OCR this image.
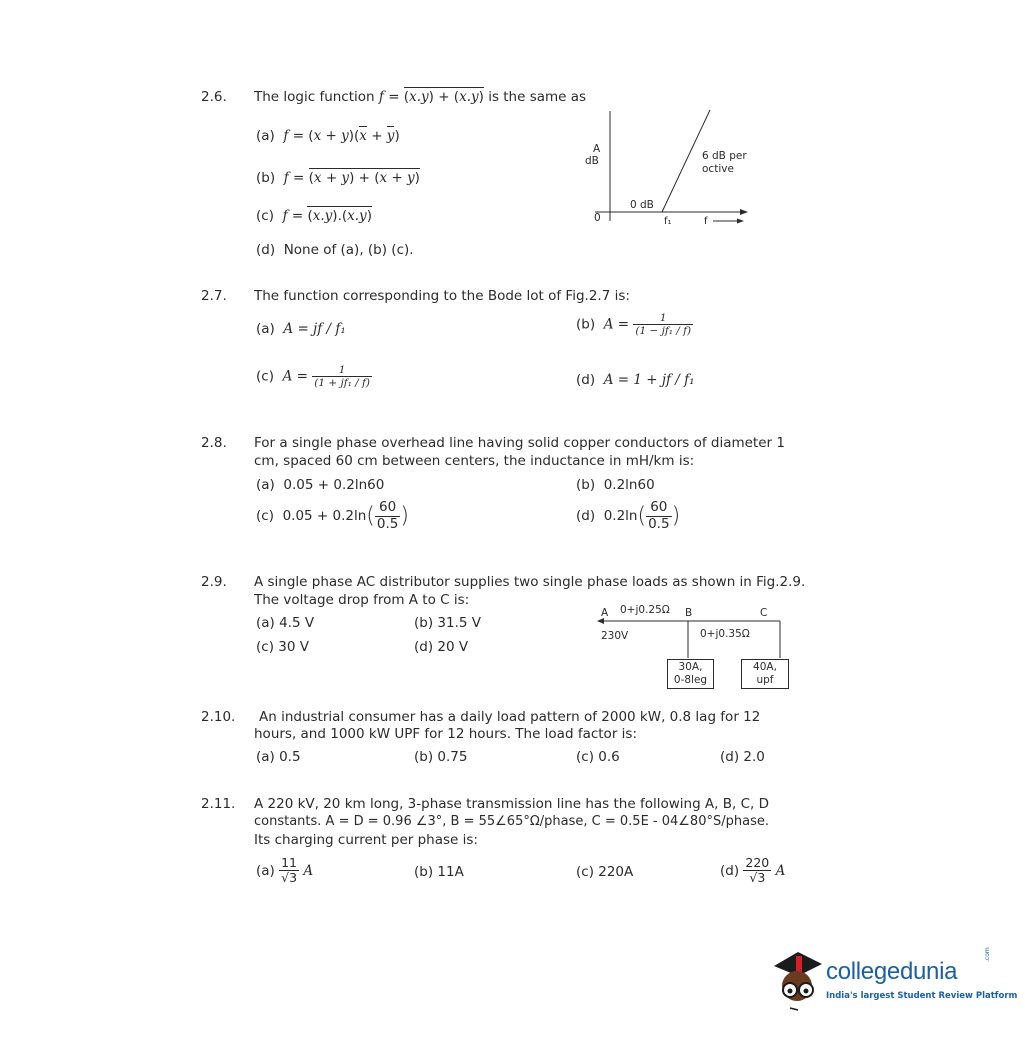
2.6. The logic function f = (x.y) + (x.y) is the same as
(a) f = (x + y)(x + y)
(b) f = (x + y) + (x + y)
(c) f = (x.y).(x.y)
(d) None of (a), (b) (c).
A
dB	6 dB per
octive
0 dB
0	f₁	f
2.7. The function corresponding to the Bode lot of Fig.2.7 is:
(a) A = jf / f₁	(b) $A = \frac{1}{\text{(1 − jf₁ / f)}}$
(c) $A = \frac{1}{\text{(1 + jf₁ / f)}}$	(d) A = 1 + jf / f₁
2.8. For a single phase overhead line having solid copper conductors of diameter 1
cm, spaced 60 cm between centers, the inductance in mH/km is:
(a) 0.05 + 0.2ln60	(b) 0.2ln60
(c) $0.05 + 0.2\ln( \frac{60}{0.5}$ )	(d) $0.2\ln( \frac{60}{0.5}$ )
2.9. A single phase AC distributor supplies two single phase loads as shown in Fig.2.9.
The voltage drop from A to C is:
(a) 4.5 V	(b) 31.5 V
(c) 30 V	(d) 20 V
A 0+j0.25Ω B	C
230V	0+j0.35Ω
30A,
0-8leg
40A,
upf
2.10. An industrial consumer has a daily load pattern of 2000 kW, 0.8 lag for 12
hours, and 1000 kW UPF for 12 hours. The load factor is:
(a) 0.5	(b) 0.75	(c) 0.6	(d) 2.0
2.11. A 220 kV, 20 km long, 3-phase transmission line has the following A, B, C, D
constants. A = D = 0.96 ∠3°, B = 55∠65°Ω/phase, C = 0.5E - 04∠80°S/phase.
Its charging current per phase is:
$(a) \frac{11}{√3}$ A	(b) 11A	(c) 220A	$(d) \frac{220}{√3}$ A
collegedunia
.com
India's largest Student Review Platform
